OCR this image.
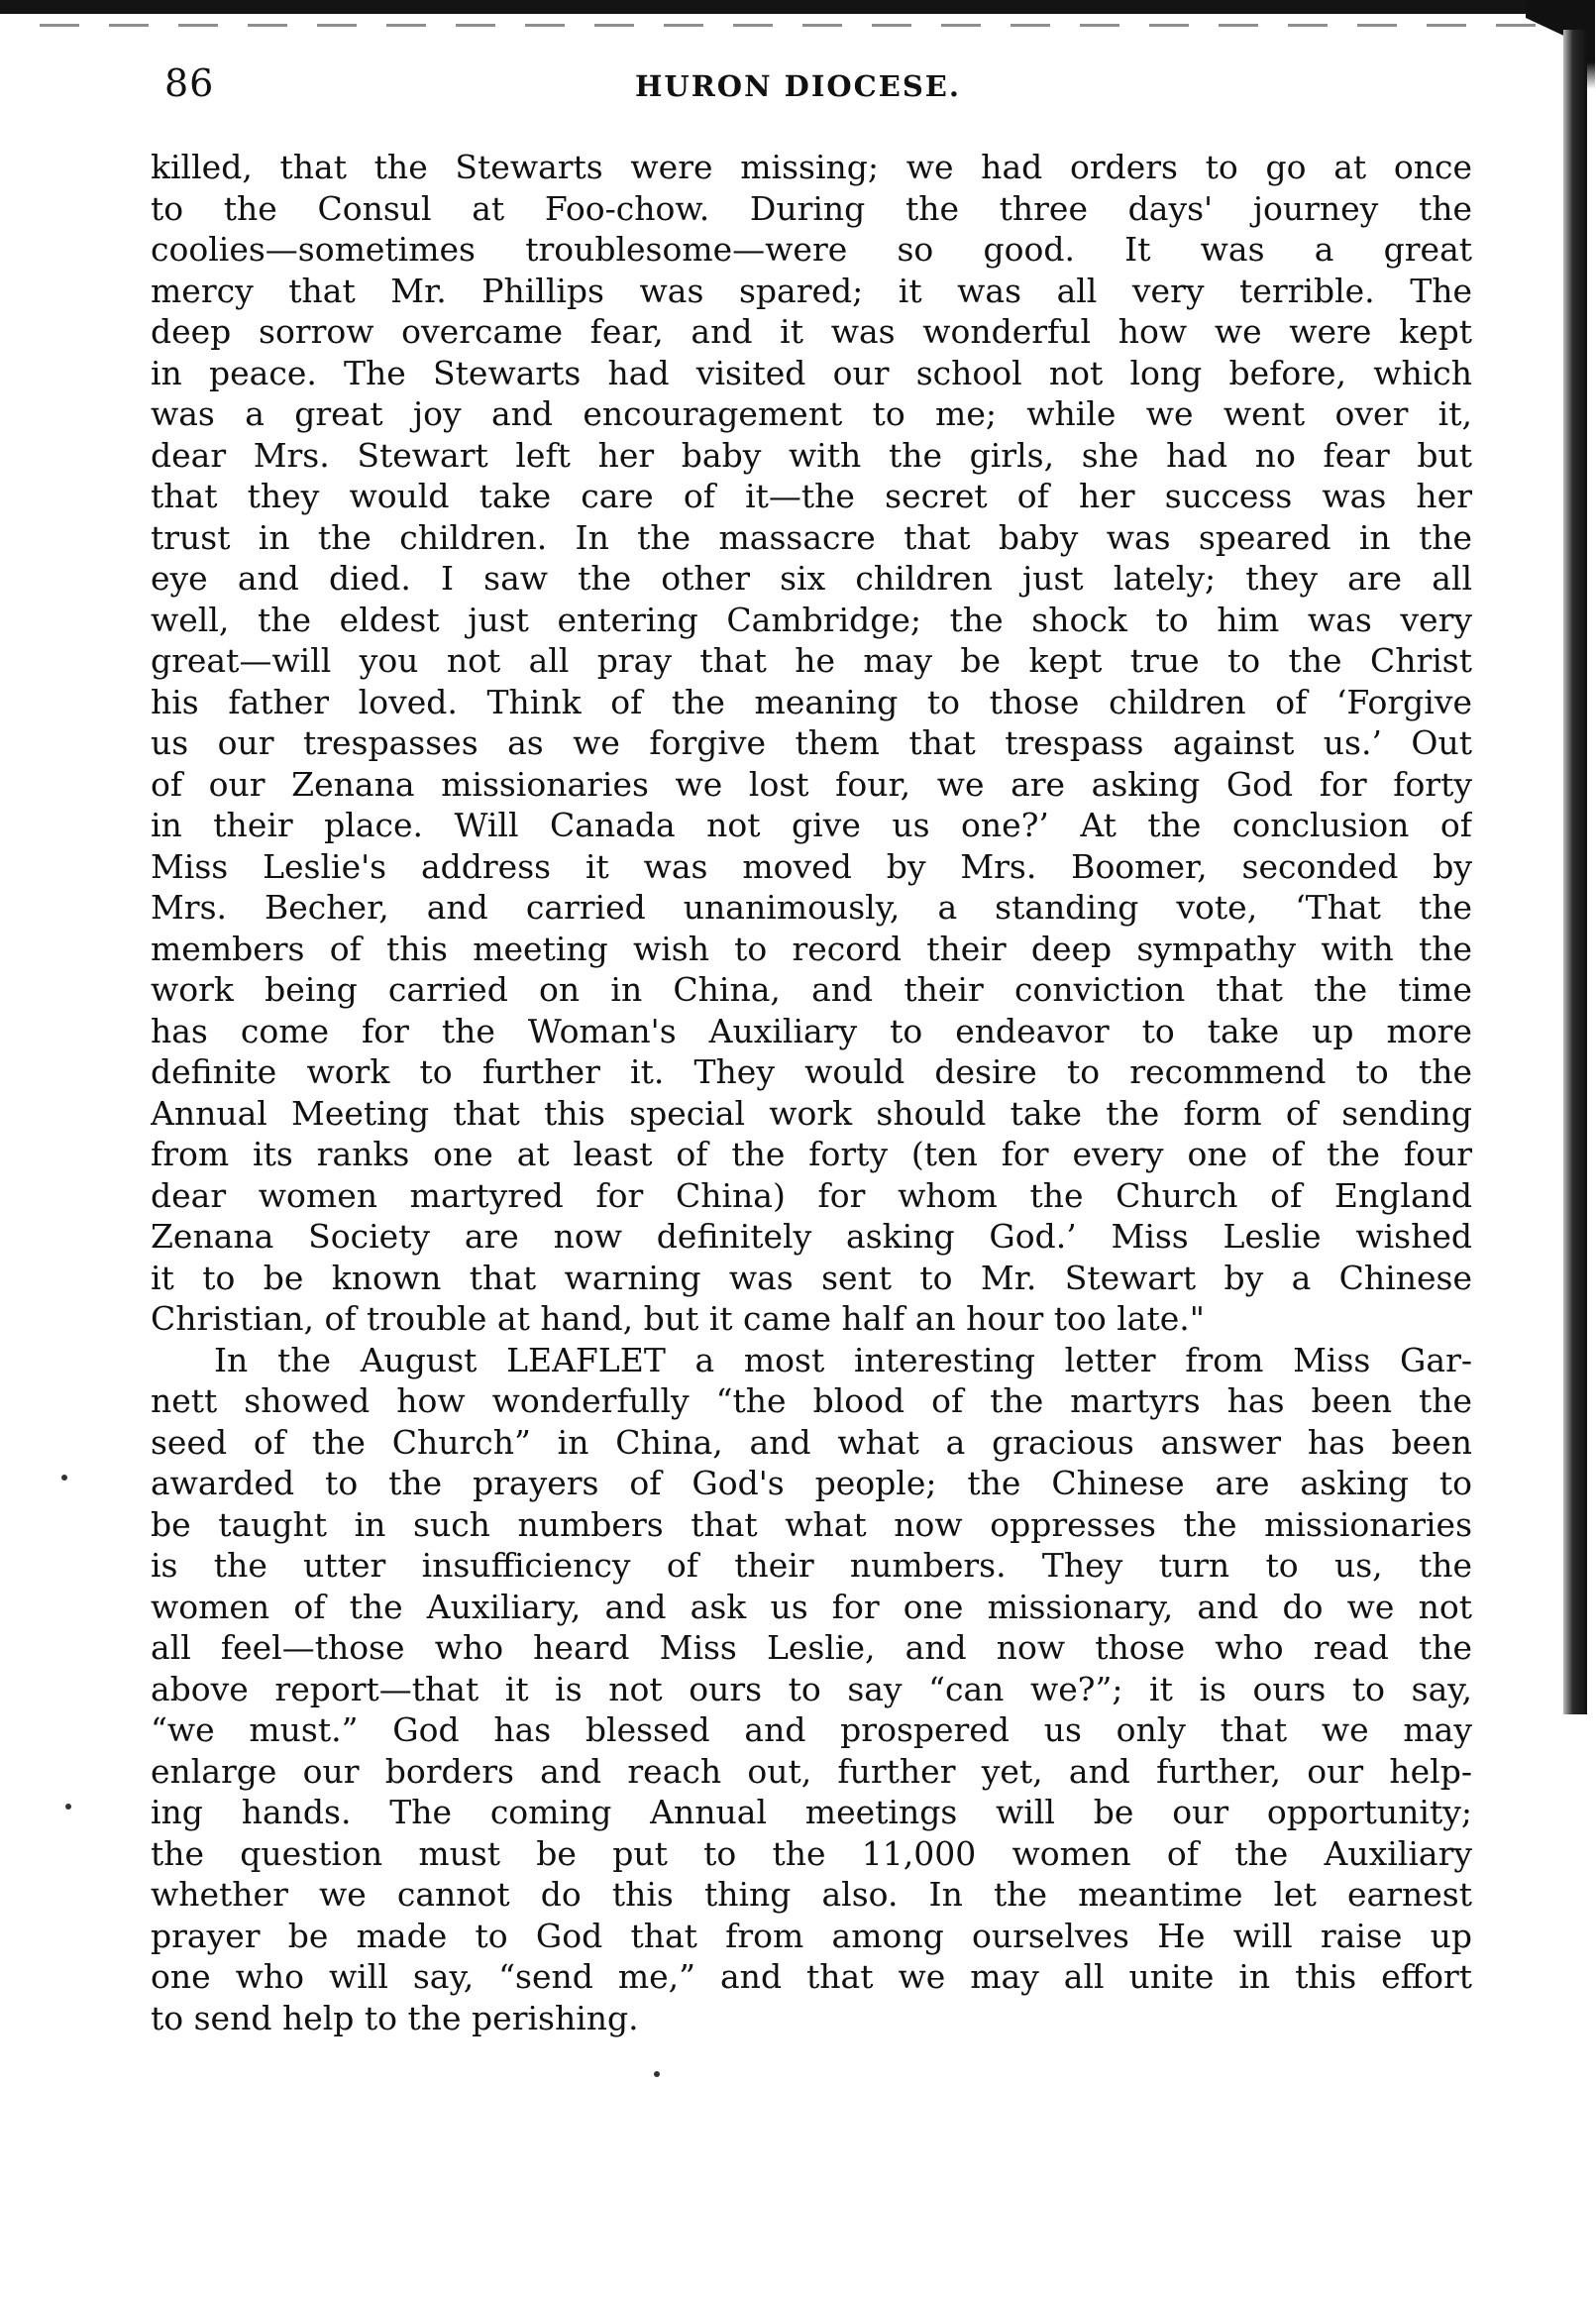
86	HURON DIOCESE.
killed, that the Stewarts were missing; we had orders to go at once
to the Consul at Foo-chow. During the three days' journey the
coolies—sometimes troublesome—were so good. It was a great
mercy that Mr. Phillips was spared; it was all very terrible. The
deep sorrow overcame fear, and it was wonderful how we were kept
in peace. The Stewarts had visited our school not long before, which
was a great joy and encouragement to me; while we went over it,
dear Mrs. Stewart left her baby with the girls, she had no fear but
that they would take care of it—the secret of her success was her
trust in the children. In the massacre that baby was speared in the
eye and died. I saw the other six children just lately; they are all
well, the eldest just entering Cambridge; the shock to him was very
great—will you not all pray that he may be kept true to the Christ
his father loved. Think of the meaning to those children of ‘Forgive
us our trespasses as we forgive them that trespass against us.’ Out
of our Zenana missionaries we lost four, we are asking God for forty
in their place. Will Canada not give us one?’ At the conclusion of
Miss Leslie's address it was moved by Mrs. Boomer, seconded by
Mrs. Becher, and carried unanimously, a standing vote, ‘That the
members of this meeting wish to record their deep sympathy with the
work being carried on in China, and their conviction that the time
has come for the Woman's Auxiliary to endeavor to take up more
definite work to further it. They would desire to recommend to the
Annual Meeting that this special work should take the form of sending
from its ranks one at least of the forty (ten for every one of the four
dear women martyred for China) for whom the Church of England
Zenana Society are now definitely asking God.’ Miss Leslie wished
it to be known that warning was sent to Mr. Stewart by a Chinese
Christian, of trouble at hand, but it came half an hour too late."
In the August LEAFLET a most interesting letter from Miss Gar-
nett showed how wonderfully “the blood of the martyrs has been the
seed of the Church” in China, and what a gracious answer has been
awarded to the prayers of God's people; the Chinese are asking to
be taught in such numbers that what now oppresses the missionaries
is the utter insufficiency of their numbers. They turn to us, the
women of the Auxiliary, and ask us for one missionary, and do we not
all feel—those who heard Miss Leslie, and now those who read the
above report—that it is not ours to say “can we?”; it is ours to say,
“we must.” God has blessed and prospered us only that we may
enlarge our borders and reach out, further yet, and further, our help-
ing hands. The coming Annual meetings will be our opportunity;
the question must be put to the 11,000 women of the Auxiliary
whether we cannot do this thing also. In the meantime let earnest
prayer be made to God that from among ourselves He will raise up
one who will say, “send me,” and that we may all unite in this effort
to send help to the perishing.
